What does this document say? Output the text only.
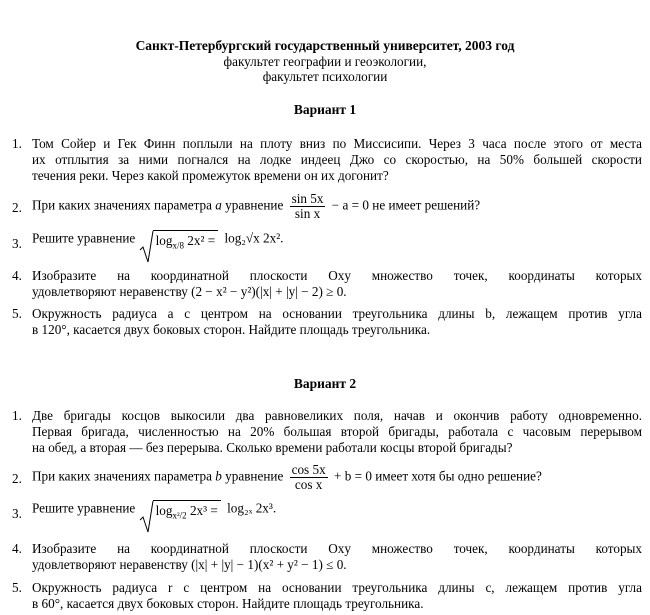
Санкт-Петербургский государственный университет, 2003 год
факультет географии и геоэкологии,
факультет психологии
Вариант 1
1. Том Сойер и Гек Финн поплыли на плоту вниз по Миссисипи. Через 3 часа после этого от места
их отплытия за ними погнался на лодке индеец Джо со скоростью, на 50% большей скорости
течения реки. Через какой промежуток времени он их догонит?
2. При каких значениях параметра a уравнение $\frac{\sin 5x}{\text{sin x}} - a = 0$ не имеет решений?
3. Решите уравнение $\log_{x/8} 2x^2 = \log_2√x$ 2x².
4. Изобразите на координатной плоскости Oxy множество точек, координаты которых
удовлетворяют неравенству (2 − x² − y²)(|x| + |y| − 2) ≥ 0.
5. Окружность радиуса a с центром на основании треугольника длины b, лежащем против угла
в 120°, касается двух боковых сторон. Найдите площадь треугольника.
Вариант 2
1. Две бригады косцов выкосили два равновеликих поля, начав и окончив работу одновременно.
Первая бригада, численностью на 20% большая второй бригады, работала с часовым перерывом
на обед, а вторая — без перерыва. Сколько времени работали косцы второй бригады?
2. При каких значениях параметра b уравнение $\frac{\cos 5x}{\text{cos x}} + b = 0$ имеет хотя бы одно решение?
3. Решите уравнение $\log_{x^2/2} 2x^3 = \log_{2x}$ 2x³.
4. Изобразите на координатной плоскости Oxy множество точек, координаты которых
удовлетворяют неравенству (|x| + |y| − 1)(x² + y² − 1) ≤ 0.
5. Окружность радиуса r с центром на основании треугольника длины c, лежащем против угла
в 60°, касается двух боковых сторон. Найдите площадь треугольника.
